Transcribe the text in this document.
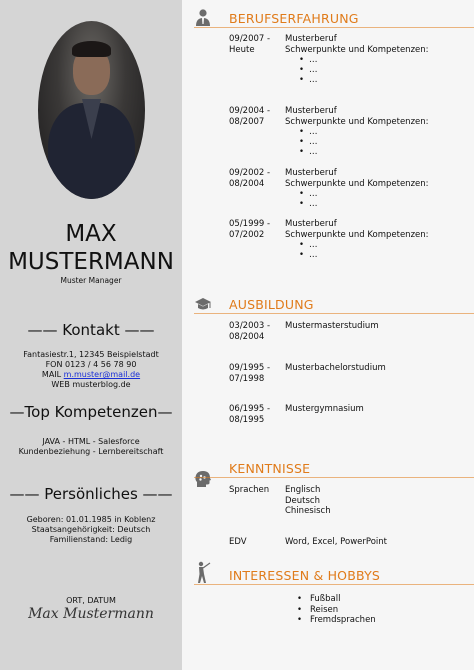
MAX
MUSTERMANN
Muster Manager
—— Kontakt ——
Fantasiestr.1, 12345 Beispielstadt
FON 0123 / 4 56 78 90
MAIL m.muster@mail.de
WEB musterblog.de
—Top Kompetenzen—
JAVA - HTML - Salesforce
Kundenbeziehung - Lernbereitschaft
—— Persönliches ——
Geboren: 01.01.1985 in Koblenz
Staatsangehörigkeit: Deutsch
Familienstand: Ledig
ORT, DATUM
Max Mustermann
BERUFSERFAHRUNG
09/2007 -
Heute
Musterberuf
Schwerpunkte und Kompetenzen:
• …
• …
• …
09/2004 -
08/2007
Musterberuf
Schwerpunkte und Kompetenzen:
• …
• …
• …
09/2002 -
08/2004
Musterberuf
Schwerpunkte und Kompetenzen:
• …
• …
05/1999 -
07/2002
Musterberuf
Schwerpunkte und Kompetenzen:
• …
• …
AUSBILDUNG
03/2003 -
08/2004
Mustermasterstudium
09/1995 -
07/1998
Musterbachelorstudium
06/1995 -
08/1995
Mustergymnasium
KENNTNISSE
Sprachen Englisch
Deutsch
Chinesisch
EDV	Word, Excel, PowerPoint
INTERESSEN & HOBBYS
• Fußball
• Reisen
• Fremdsprachen
